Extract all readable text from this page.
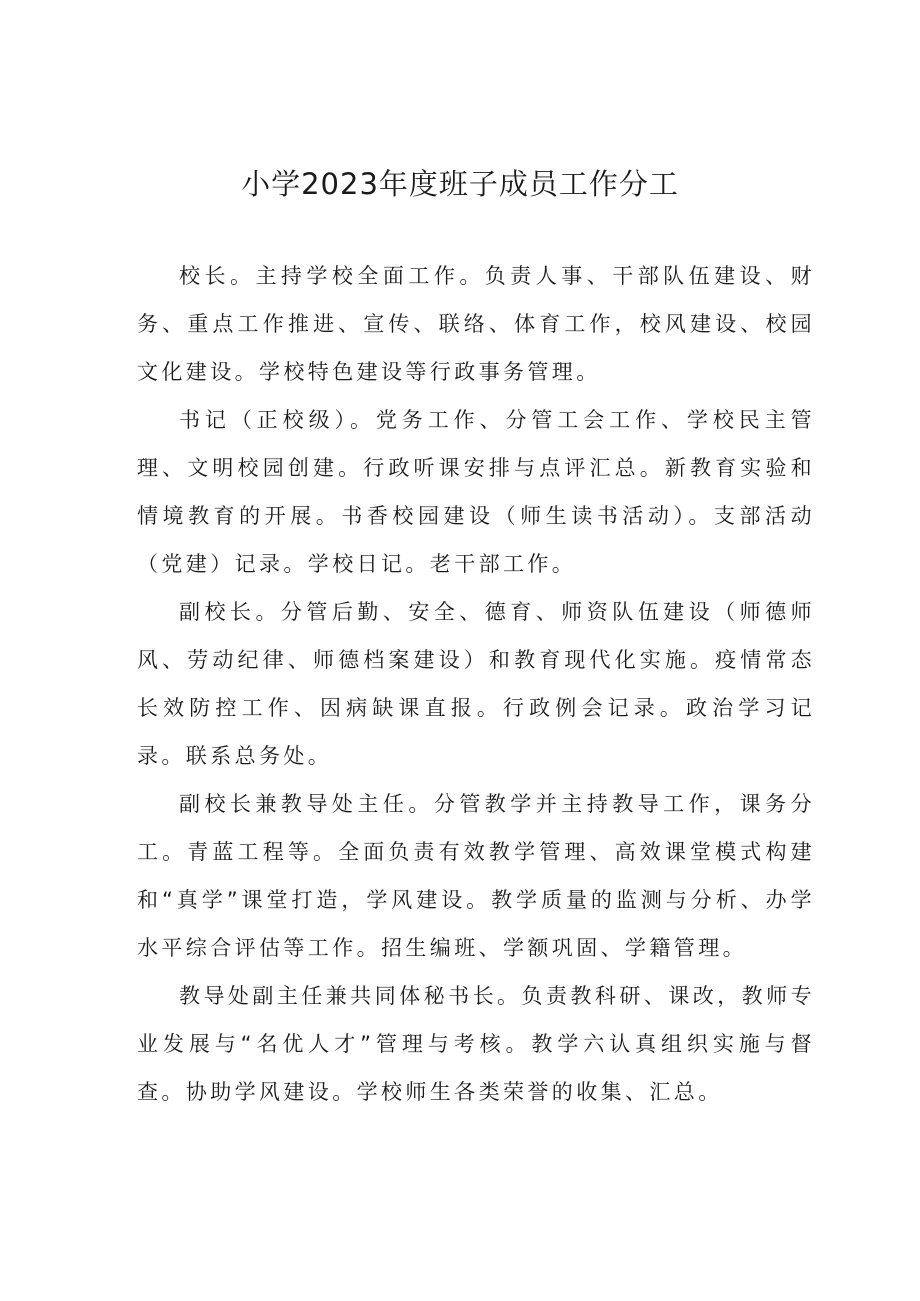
小学2023年度班子成员工作分工

校长。主持学校全面工作。负责人事、干部队伍建设、财务、重点工作推进、宣传、联络、体育工作，校风建设、校园文化建设。学校特色建设等行政事务管理。

书记（正校级）。党务工作、分管工会工作、学校民主管理、文明校园创建。行政听课安排与点评汇总。新教育实验和情境教育的开展。书香校园建设（师生读书活动）。支部活动（党建）记录。学校日记。老干部工作。

副校长。分管后勤、安全、德育、师资队伍建设（师德师风、劳动纪律、师德档案建设）和教育现代化实施。疫情常态长效防控工作、因病缺课直报。行政例会记录。政治学习记录。联系总务处。

副校长兼教导处主任。分管教学并主持教导工作，课务分工。青蓝工程等。全面负责有效教学管理、高效课堂模式构建和“真学”课堂打造，学风建设。教学质量的监测与分析、办学水平综合评估等工作。招生编班、学额巩固、学籍管理。

教导处副主任兼共同体秘书长。负责教科研、课改，教师专业发展与“名优人才”管理与考核。教学六认真组织实施与督查。协助学风建设。学校师生各类荣誉的收集、汇总。
